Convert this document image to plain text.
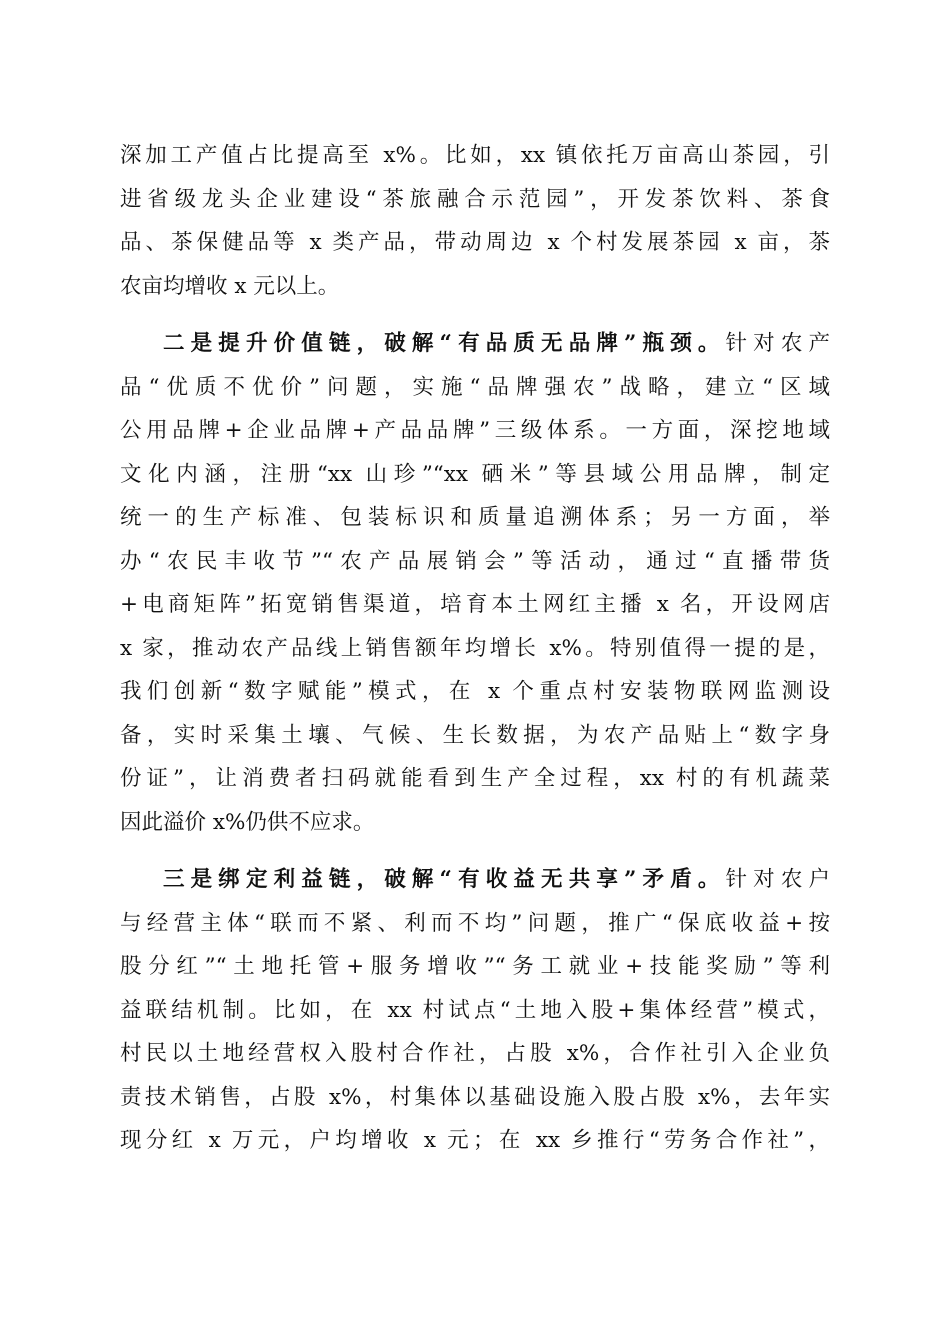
深加工产值占比提高至 x%。比如，xx 镇依托万亩高山茶园，引
进省级龙头企业建设“茶旅融合示范园”，开发茶饮料、茶食
品、茶保健品等 x 类产品，带动周边 x 个村发展茶园 x 亩，茶
农亩均增收 x 元以上。
二是提升价值链，破解“有品质无品牌”瓶颈。针对农产
品“优质不优价”问题，实施“品牌强农”战略，建立“区域
公用品牌+企业品牌+产品品牌”三级体系。一方面，深挖地域
文化内涵，注册“xx 山珍”“xx 硒米”等县域公用品牌，制定
统一的生产标准、包装标识和质量追溯体系；另一方面，举
办“农民丰收节”“农产品展销会”等活动，通过“直播带货
+电商矩阵”拓宽销售渠道，培育本土网红主播 x 名，开设网店
x 家，推动农产品线上销售额年均增长 x%。特别值得一提的是，
我们创新“数字赋能”模式，在 x 个重点村安装物联网监测设
备，实时采集土壤、气候、生长数据，为农产品贴上“数字身
份证”，让消费者扫码就能看到生产全过程，xx 村的有机蔬菜
因此溢价 x%仍供不应求。
三是绑定利益链，破解“有收益无共享”矛盾。针对农户
与经营主体“联而不紧、利而不均”问题，推广“保底收益+按
股分红”“土地托管+服务增收”“务工就业+技能奖励”等利
益联结机制。比如，在 xx 村试点“土地入股+集体经营”模式，
村民以土地经营权入股村合作社，占股 x%，合作社引入企业负
责技术销售，占股 x%，村集体以基础设施入股占股 x%，去年实
现分红 x 万元，户均增收 x 元；在 xx 乡推行“劳务合作社”，
